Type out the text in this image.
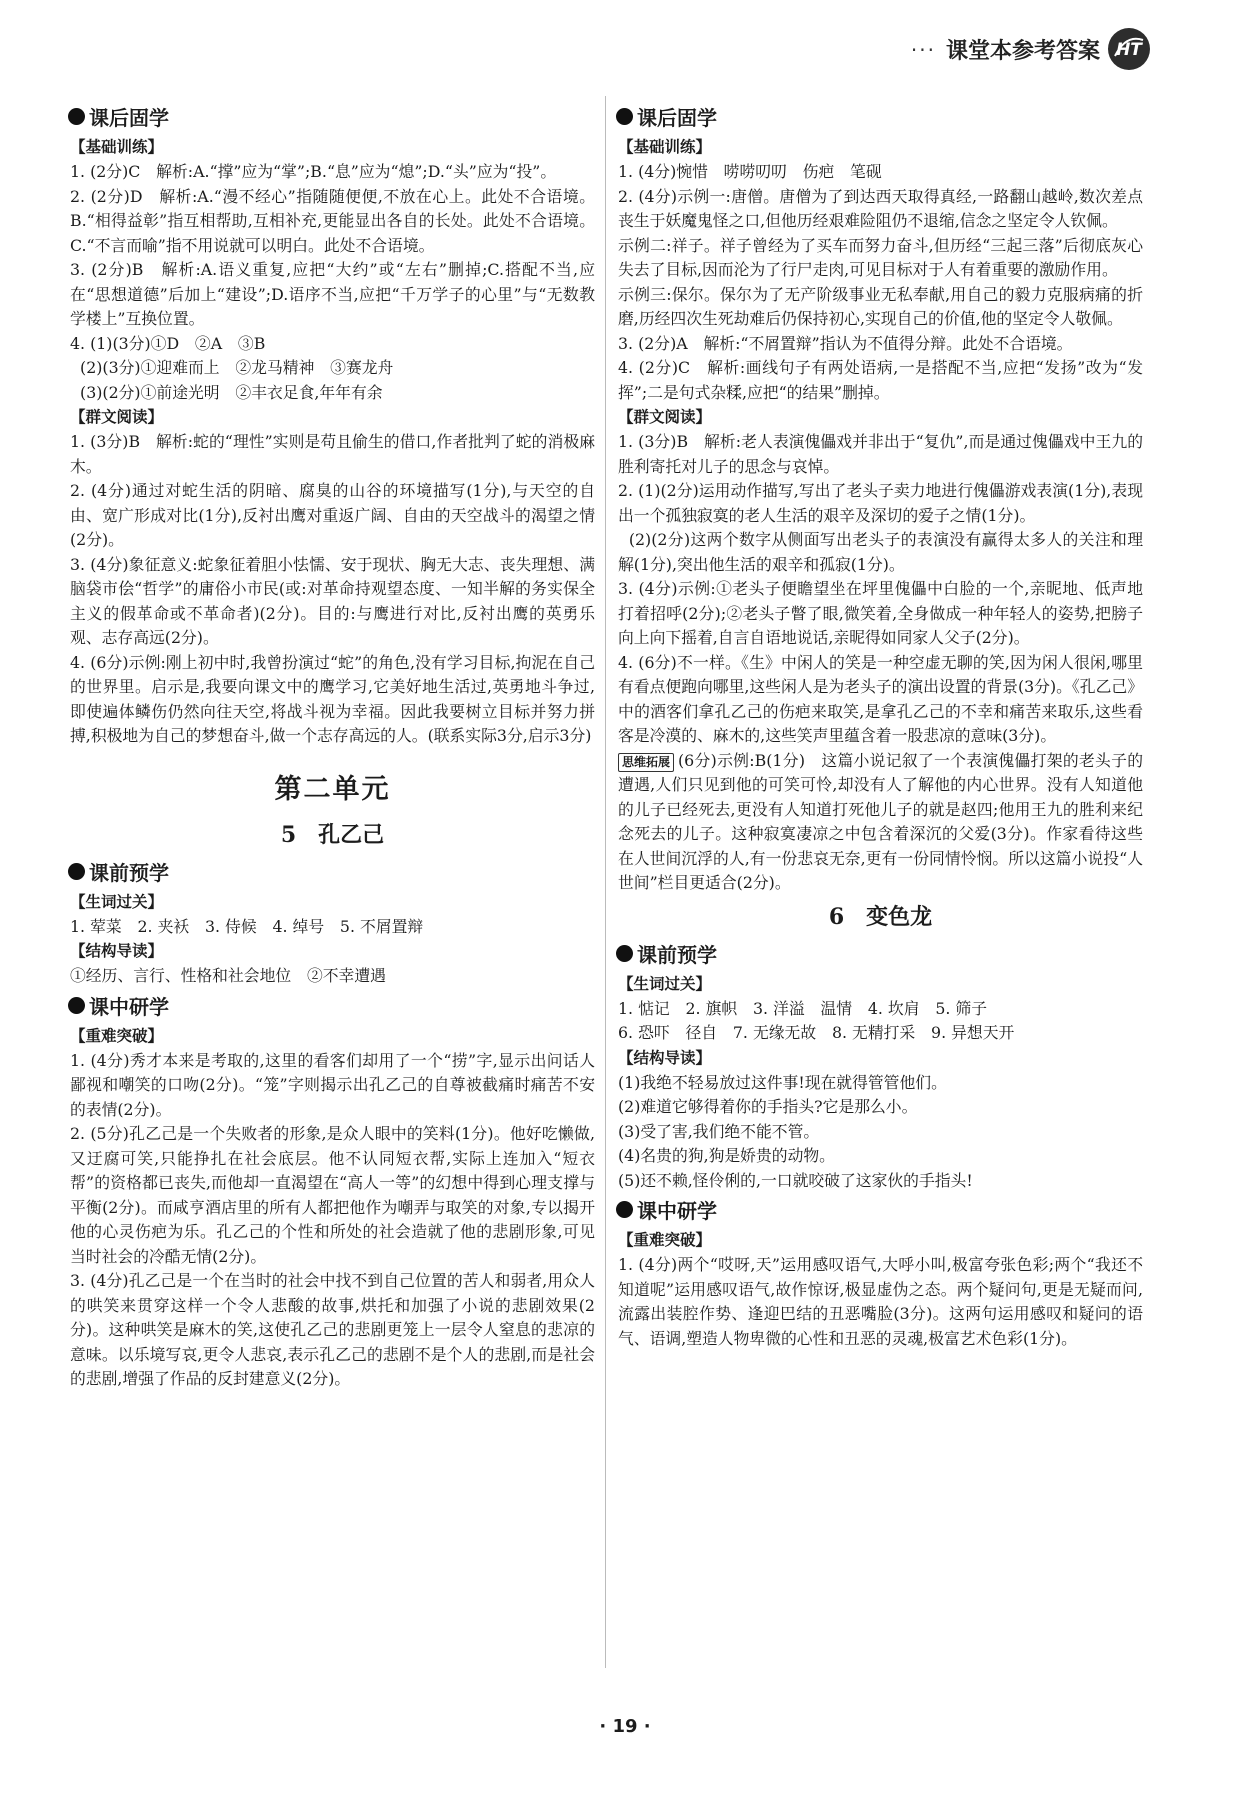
··· 课堂本参考答案 HT
课后固学
【基础训练】

1. (2分)C　解析:A.“撑”应为“掌”;B.“息”应为“熄”;D.“头”应为“投”。

2. (2分)D　解析:A.“漫不经心”指随随便便,不放在心上。此处不合语境。B.“相得益彰”指互相帮助,互相补充,更能显出各自的长处。此处不合语境。C.“不言而喻”指不用说就可以明白。此处不合语境。

3. (2分)B　解析:A.语义重复,应把“大约”或“左右”删掉;C.搭配不当,应在“思想道德”后加上“建设”;D.语序不当,应把“千万学子的心里”与“无数教学楼上”互换位置。

4. (1)(3分)①D　②A　③B

(2)(3分)①迎难而上　②龙马精神　③赛龙舟

(3)(2分)①前途光明　②丰衣足食,年年有余

【群文阅读】

1. (3分)B　解析:蛇的“理性”实则是苟且偷生的借口,作者批判了蛇的消极麻木。

2. (4分)通过对蛇生活的阴暗、腐臭的山谷的环境描写(1分),与天空的自由、宽广形成对比(1分),反衬出鹰对重返广阔、自由的天空战斗的渴望之情(2分)。

3. (4分)象征意义:蛇象征着胆小怯懦、安于现状、胸无大志、丧失理想、满脑袋市侩“哲学”的庸俗小市民(或:对革命持观望态度、一知半解的务实保全主义的假革命或不革命者)(2分)。目的:与鹰进行对比,反衬出鹰的英勇乐观、志存高远(2分)。

4. (6分)示例:刚上初中时,我曾扮演过“蛇”的角色,没有学习目标,拘泥在自己的世界里。启示是,我要向课文中的鹰学习,它美好地生活过,英勇地斗争过,即使遍体鳞伤仍然向往天空,将战斗视为幸福。因此我要树立目标并努力拼搏,积极地为自己的梦想奋斗,做一个志存高远的人。(联系实际3分,启示3分)

第二单元
5　孔乙己
课前预学
【生词过关】

1. 荤菜　2. 夹袄　3. 侍候　4. 绰号　5. 不屑置辩

【结构导读】

①经历、言行、性格和社会地位　②不幸遭遇

课中研学
【重难突破】

1. (4分)秀才本来是考取的,这里的看客们却用了一个“捞”字,显示出问话人鄙视和嘲笑的口吻(2分)。“笼”字则揭示出孔乙己的自尊被截痛时痛苦不安的表情(2分)。

2. (5分)孔乙己是一个失败者的形象,是众人眼中的笑料(1分)。他好吃懒做,又迂腐可笑,只能挣扎在社会底层。他不认同短衣帮,实际上连加入“短衣帮”的资格都已丧失,而他却一直渴望在“高人一等”的幻想中得到心理支撑与平衡(2分)。而咸亨酒店里的所有人都把他作为嘲弄与取笑的对象,专以揭开他的心灵伤疤为乐。孔乙己的个性和所处的社会造就了他的悲剧形象,可见当时社会的冷酷无情(2分)。

3. (4分)孔乙己是一个在当时的社会中找不到自己位置的苦人和弱者,用众人的哄笑来贯穿这样一个令人悲酸的故事,烘托和加强了小说的悲剧效果(2分)。这种哄笑是麻木的笑,这使孔乙己的悲剧更笼上一层令人窒息的悲凉的意味。以乐境写哀,更令人悲哀,表示孔乙己的悲剧不是个人的悲剧,而是社会的悲剧,增强了作品的反封建意义(2分)。

课后固学
【基础训练】

1. (4分)惋惜　唠唠叨叨　伤疤　笔砚

2. (4分)示例一:唐僧。唐僧为了到达西天取得真经,一路翻山越岭,数次差点丧生于妖魔鬼怪之口,但他历经艰难险阻仍不退缩,信念之坚定令人钦佩。

示例二:祥子。祥子曾经为了买车而努力奋斗,但历经“三起三落”后彻底灰心失去了目标,因而沦为了行尸走肉,可见目标对于人有着重要的激励作用。

示例三:保尔。保尔为了无产阶级事业无私奉献,用自己的毅力克服病痛的折磨,历经四次生死劫难后仍保持初心,实现自己的价值,他的坚定令人敬佩。

3. (2分)A　解析:“不屑置辩”指认为不值得分辩。此处不合语境。

4. (2分)C　解析:画线句子有两处语病,一是搭配不当,应把“发扬”改为“发挥”;二是句式杂糅,应把“的结果”删掉。

【群文阅读】

1. (3分)B　解析:老人表演傀儡戏并非出于“复仇”,而是通过傀儡戏中王九的胜利寄托对儿子的思念与哀悼。

2. (1)(2分)运用动作描写,写出了老头子卖力地进行傀儡游戏表演(1分),表现出一个孤独寂寞的老人生活的艰辛及深切的爱子之情(1分)。

(2)(2分)这两个数字从侧面写出老头子的表演没有赢得太多人的关注和理解(1分),突出他生活的艰辛和孤寂(1分)。

3. (4分)示例:①老头子便瞻望坐在坪里傀儡中白脸的一个,亲昵地、低声地打着招呼(2分);②老头子瞥了眼,微笑着,全身做成一种年轻人的姿势,把膀子向上向下摇着,自言自语地说话,亲昵得如同家人父子(2分)。

4. (6分)不一样。《生》中闲人的笑是一种空虚无聊的笑,因为闲人很闲,哪里有看点便跑向哪里,这些闲人是为老头子的演出设置的背景(3分)。《孔乙己》中的酒客们拿孔乙己的伤疤来取笑,是拿孔乙己的不幸和痛苦来取乐,这些看客是冷漠的、麻木的,这些笑声里蕴含着一股悲凉的意味(3分)。

思维拓展 (6分)示例:B(1分)　这篇小说记叙了一个表演傀儡打架的老头子的遭遇,人们只见到他的可笑可怜,却没有人了解他的内心世界。没有人知道他的儿子已经死去,更没有人知道打死他儿子的就是赵四;他用王九的胜利来纪念死去的儿子。这种寂寞凄凉之中包含着深沉的父爱(3分)。作家看待这些在人世间沉浮的人,有一份悲哀无奈,更有一份同情怜悯。所以这篇小说投“人世间”栏目更适合(2分)。

6　变色龙
课前预学
【生词过关】

1. 惦记　2. 旗帜　3. 洋溢　温情　4. 坎肩　5. 筛子

6. 恐吓　径自　7. 无缘无故　8. 无精打采　9. 异想天开

【结构导读】

(1)我绝不轻易放过这件事!现在就得管管他们。

(2)难道它够得着你的手指头?它是那么小。

(3)受了害,我们绝不能不管。

(4)名贵的狗,狗是娇贵的动物。

(5)还不赖,怪伶俐的,一口就咬破了这家伙的手指头!

课中研学
【重难突破】

1. (4分)两个“哎呀,天”运用感叹语气,大呼小叫,极富夸张色彩;两个“我还不知道呢”运用感叹语气,故作惊讶,极显虚伪之态。两个疑问句,更是无疑而问,流露出装腔作势、逢迎巴结的丑恶嘴脸(3分)。这两句运用感叹和疑问的语气、语调,塑造人物卑微的心性和丑恶的灵魂,极富艺术色彩(1分)。

· 19 ·
